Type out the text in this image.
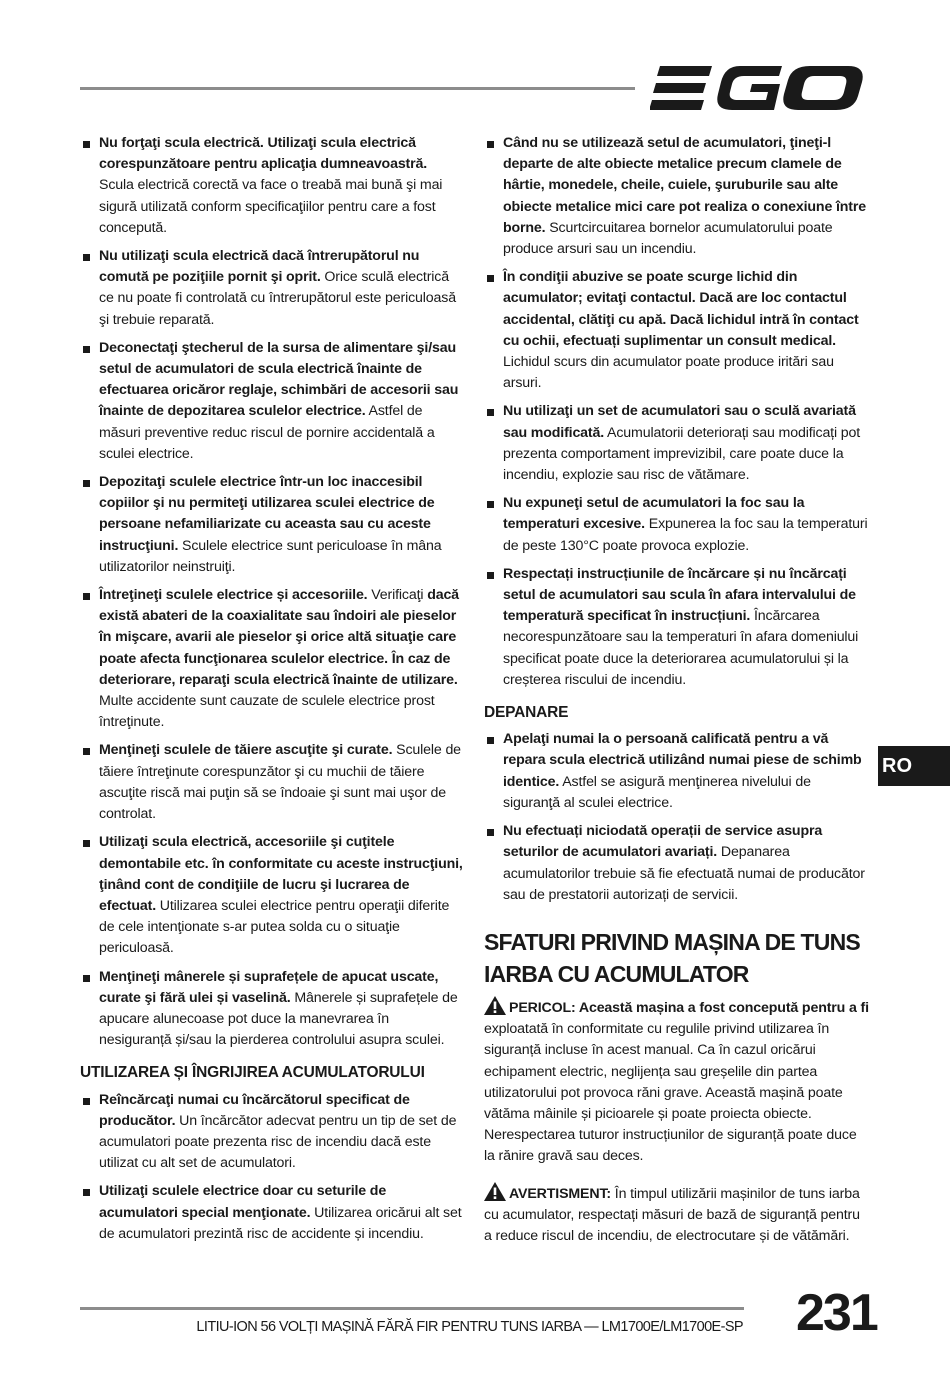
Nu forţaţi scula electrică. Utilizaţi scula electrică corespunzătoare pentru aplicaţia dumneavoastră. Scula electrică corectă va face o treabă mai bună şi mai sigură utilizată conform specificaţiilor pentru care a fost concepută.
Nu utilizaţi scula electrică dacă întrerupătorul nu comută pe poziţiile pornit şi oprit. Orice sculă electrică ce nu poate fi controlată cu întrerupătorul este periculoasă şi trebuie reparată.
Deconectaţi ştecherul de la sursa de alimentare şi/sau setul de acumulatori de scula electrică înainte de efectuarea oricăror reglaje, schimbări de accesorii sau înainte de depozitarea sculelor electrice. Astfel de măsuri preventive reduc riscul de pornire accidentală a sculei electrice.
Depozitaţi sculele electrice într-un loc inaccesibil copiilor şi nu permiteţi utilizarea sculei electrice de persoane nefamiliarizate cu aceasta sau cu aceste instrucţiuni. Sculele electrice sunt periculoase în mâna utilizatorilor neinstruiţi.
Întreţineţi sculele electrice și accesoriile. Verificaţi dacă există abateri de la coaxialitate sau îndoiri ale pieselor în mişcare, avarii ale pieselor şi orice altă situaţie care poate afecta funcţionarea sculelor electrice. În caz de deteriorare, reparaţi scula electrică înainte de utilizare. Multe accidente sunt cauzate de sculele electrice prost întreţinute.
Menţineţi sculele de tăiere ascuţite şi curate. Sculele de tăiere întreţinute corespunzător şi cu muchii de tăiere ascuţite riscă mai puţin să se îndoaie şi sunt mai uşor de controlat.
Utilizaţi scula electrică, accesoriile şi cuţitele demontabile etc. în conformitate cu aceste instrucţiuni, ţinând cont de condiţiile de lucru şi lucrarea de efectuat. Utilizarea sculei electrice pentru operaţii diferite de cele intenţionate s-ar putea solda cu o situaţie periculoasă.
Menţineţi mânerele și suprafețele de apucat uscate, curate şi fără ulei și vaselină. Mânerele și suprafețele de apucare alunecoase pot duce la manevrarea în nesiguranță și/sau la pierderea controlului asupra sculei.
UTILIZAREA ȘI ÎNGRIJIREA ACUMULATORULUI
Reîncărcaţi numai cu încărcătorul specificat de producător. Un încărcător adecvat pentru un tip de set de acumulatori poate prezenta risc de incendiu dacă este utilizat cu alt set de acumulatori.
Utilizaţi sculele electrice doar cu seturile de acumulatori special menţionate. Utilizarea oricărui alt set de acumulatori prezintă risc de accidente și incendiu.
Când nu se utilizează setul de acumulatori, ţineţi-l departe de alte obiecte metalice precum clamele de hârtie, monedele, cheile, cuiele, şuruburile sau alte obiecte metalice mici care pot realiza o conexiune între borne. Scurtcircuitarea bornelor acumulatorului poate produce arsuri sau un incendiu.
În condiţii abuzive se poate scurge lichid din acumulator; evitaţi contactul. Dacă are loc contactul accidental, clătiţi cu apă. Dacă lichidul intră în contact cu ochii, efectuați suplimentar un consult medical. Lichidul scurs din acumulator poate produce iritări sau arsuri.
Nu utilizaţi un set de acumulatori sau o sculă avariată sau modificată. Acumulatorii deteriorați sau modificați pot prezenta comportament imprevizibil, care poate duce la incendiu, explozie sau risc de vătămare.
Nu expuneţi setul de acumulatori la foc sau la temperaturi excesive. Expunerea la foc sau la temperaturi de peste 130°C poate provoca explozie.
Respectați instrucțiunile de încărcare și nu încărcați setul de acumulatori sau scula în afara intervalului de temperatură specificat în instrucțiuni. Încărcarea necorespunzătoare sau la temperaturi în afara domeniului specificat poate duce la deteriorarea acumulatorului și la creșterea riscului de incendiu.
DEPANARE
Apelaţi numai la o persoană calificată pentru a vă repara scula electrică utilizând numai piese de schimb identice. Astfel se asigură menţinerea nivelului de siguranţă al sculei electrice.
Nu efectuați niciodată operații de service asupra seturilor de acumulatori avariați. Depanarea acumulatorilor trebuie să fie efectuată numai de producător sau de prestatorii autorizați de servicii.
SFATURI PRIVIND MAȘINA DE TUNS IARBA CU ACUMULATOR
PERICOL: Această mașina a fost concepută pentru a fi exploatată în conformitate cu regulile privind utilizarea în siguranță incluse în acest manual. Ca în cazul oricărui echipament electric, neglijența sau greșelile din partea utilizatorului pot provoca răni grave. Această mașină poate vătăma mâinile și picioarele și poate proiecta obiecte. Nerespectarea tuturor instrucțiunilor de siguranță poate duce la rănire gravă sau deces.
AVERTISMENT: În timpul utilizării mașinilor de tuns iarba cu acumulator, respectați măsuri de bază de siguranță pentru a reduce riscul de incendiu, de electrocutare și de vătămări.
RO
LITIU-ION 56 VOLȚI MAȘINĂ FĂRĂ FIR PENTRU TUNS IARBA — LM1700E/LM1700E-SP 231
